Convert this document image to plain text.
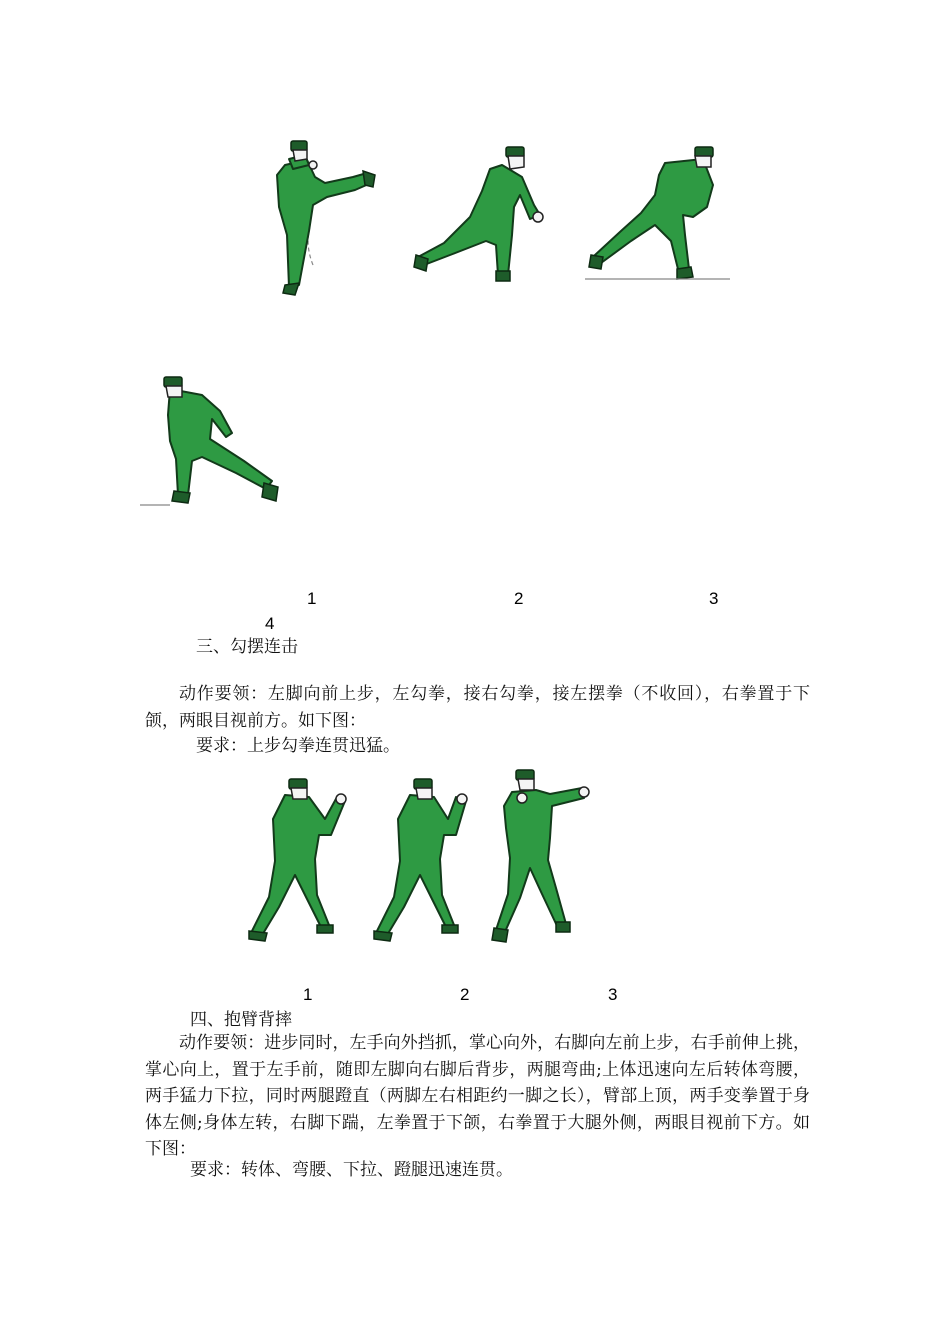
1	2	3
4
三、勾摆连击
动作要领：左脚向前上步，左勾拳，接右勾拳，接左摆拳（不收回），右拳置于下颌，两眼目视前方。如下图：
要求：上步勾拳连贯迅猛。
1	2	3
四、抱臂背摔
动作要领：进步同时，左手向外挡抓，掌心向外，右脚向左前上步，右手前伸上挑，掌心向上，置于左手前，随即左脚向右脚后背步，两腿弯曲;上体迅速向左后转体弯腰，两手猛力下拉，同时两腿蹬直（两脚左右相距约一脚之长），臂部上顶，两手变拳置于身体左侧;身体左转，右脚下踹，左拳置于下颌，右拳置于大腿外侧，两眼目视前下方。如下图：
要求：转体、弯腰、下拉、蹬腿迅速连贯。
